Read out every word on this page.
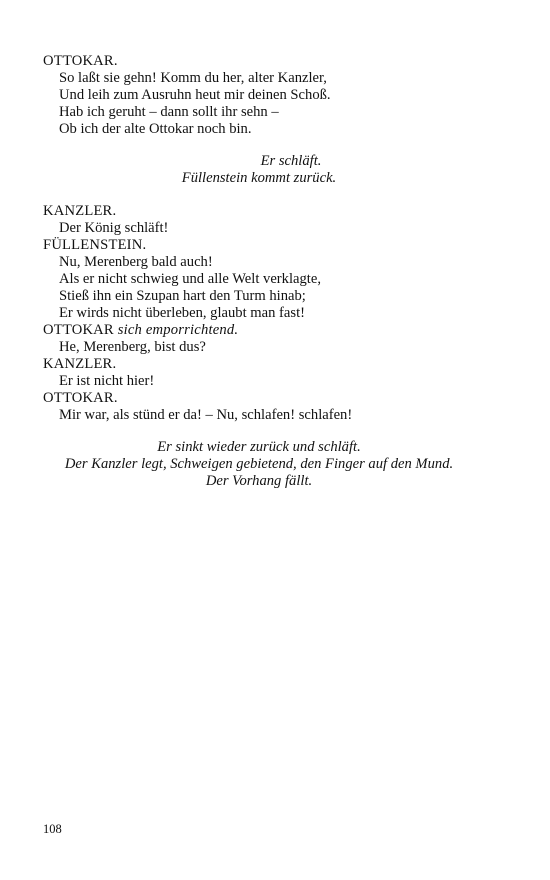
OTTOKAR.
So laßt sie gehn! Komm du her, alter Kanzler,
Und leih zum Ausruhn heut mir deinen Schoß.
Hab ich geruht – dann sollt ihr sehn –
Ob ich der alte Ottokar noch bin.
Er schläft.
Füllenstein kommt zurück.
KANZLER.
Der König schläft!
FÜLLENSTEIN.
Nu, Merenberg bald auch!
Als er nicht schwieg und alle Welt verklagte,
Stieß ihn ein Szupan hart den Turm hinab;
Er wirds nicht überleben, glaubt man fast!
OTTOKAR sich emporrichtend.
He, Merenberg, bist dus?
KANZLER.
Er ist nicht hier!
OTTOKAR.
Mir war, als stünd er da! – Nu, schlafen! schlafen!
Er sinkt wieder zurück und schläft.
Der Kanzler legt, Schweigen gebietend, den Finger auf den Mund.
Der Vorhang fällt.
108
